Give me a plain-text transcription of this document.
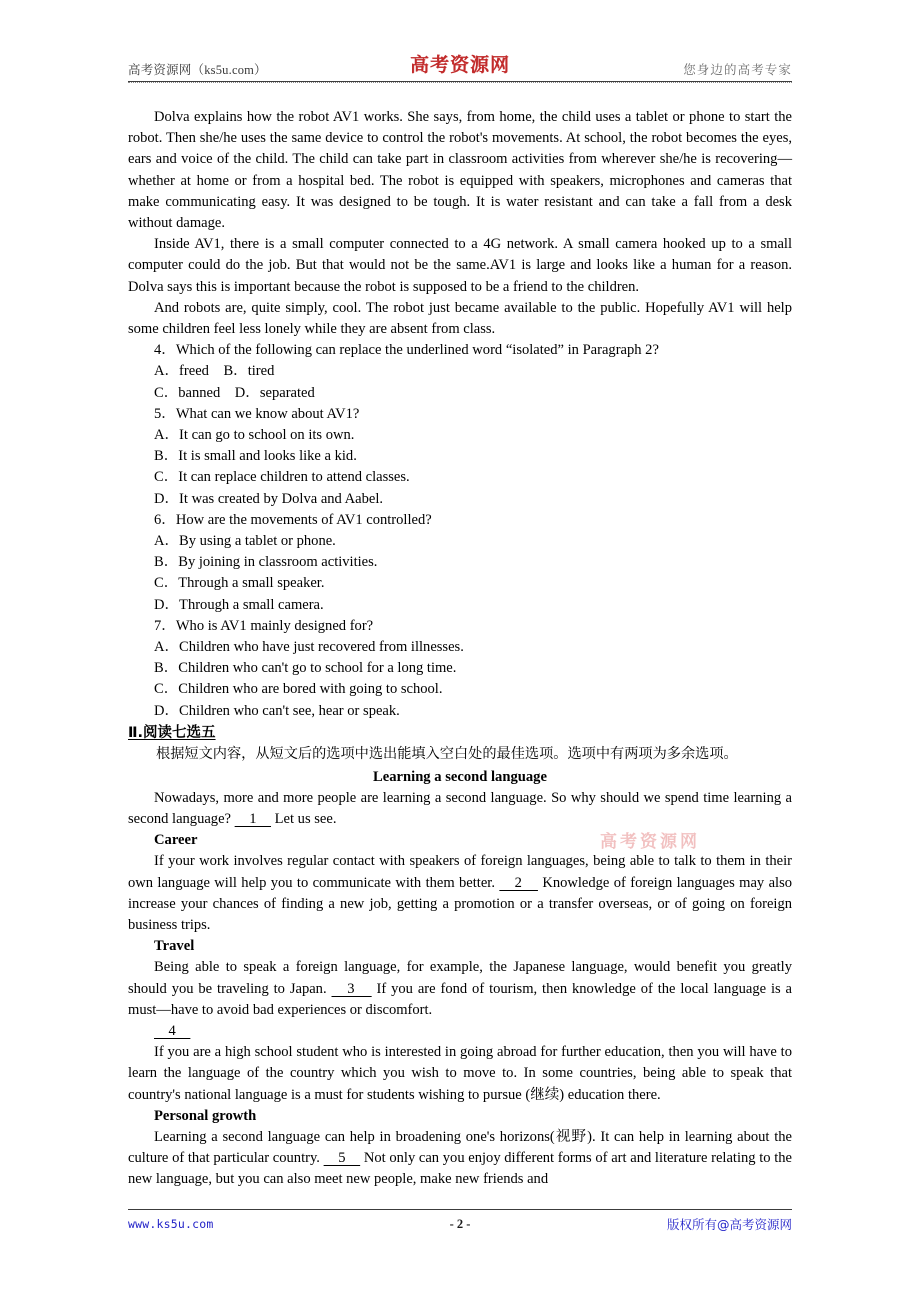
高考资源网（ks5u.com）	高考资源网	您身边的高考专家
高考资源网

Dolva explains how the robot AV1 works. She says, from home, the child uses a tablet or phone to start the robot. Then she/he uses the same device to control the robot's movements. At school, the robot becomes the eyes, ears and voice of the child. The child can take part in classroom activities from wherever she/he is recovering—whether at home or from a hospital bed. The robot is equipped with speakers, microphones and cameras that make communicating easy. It was designed to be tough. It is water resistant and can take a fall from a desk without damage.

Inside AV1, there is a small computer connected to a 4G network. A small camera hooked up to a small computer could do the job. But that would not be the same.AV1 is large and looks like a human for a reason. Dolva says this is important because the robot is supposed to be a friend to the children.

And robots are, quite simply, cool. The robot just became available to the public. Hopefully AV1 will help some children feel less lonely while they are absent from class.

4．Which of the following can replace the underlined word “isolated” in Paragraph 2?

A．freed　B．tired

C．banned　D．separated

5．What can we know about AV1?

A．It can go to school on its own.

B．It is small and looks like a kid.

C．It can replace children to attend classes.

D．It was created by Dolva and Aabel.

6．How are the movements of AV1 controlled?

A．By using a tablet or phone.

B．By joining in classroom activities.

C．Through a small speaker.

D．Through a small camera.

7．Who is AV1 mainly designed for?

A．Children who have just recovered from illnesses.

B．Children who can't go to school for a long time.

C．Children who are bored with going to school.

D．Children who can't see, hear or speak.

Ⅱ.阅读七选五

根据短文内容，从短文后的选项中选出能填入空白处的最佳选项。选项中有两项为多余选项。

Learning a second language

Nowadays, more and more people are learning a second language. So why should we spend time learning a second language? 　1　 Let us see.

Career

If your work involves regular contact with speakers of foreign languages, being able to talk to them in their own language will help you to communicate with them better. 　2　 Knowledge of foreign languages may also increase your chances of finding a new job, getting a promotion or a transfer overseas, or of going on foreign business trips.

Travel

Being able to speak a foreign language, for example, the Japanese language, would benefit you greatly should you be traveling to Japan. 　3　 If you are fond of tourism, then knowledge of the local language is a must—have to avoid bad experiences or discomfort.

　4　

If you are a high school student who is interested in going abroad for further education, then you will have to learn the language of the country which you wish to move to. In some countries, being able to speak that country's national language is a must for students wishing to pursue (继续) education there.

Personal growth

Learning a second language can help in broadening one's horizons(视野). It can help in learning about the culture of that particular country. 　5　 Not only can you enjoy different forms of art and literature relating to the new language, but you can also meet new people, make new friends and

www.ks5u.com	- 2 -	版权所有@高考资源网
